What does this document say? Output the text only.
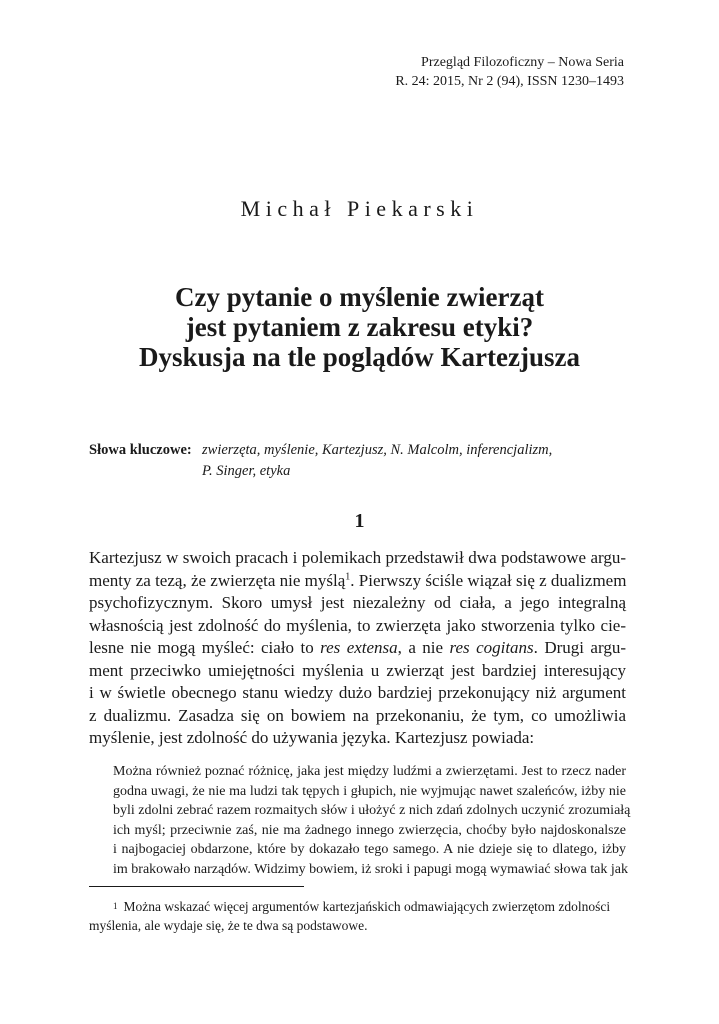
Przegląd Filozoficzny – Nowa Seria
R. 24: 2015, Nr 2 (94), ISSN 1230–1493
Michał Piekarski
Czy pytanie o myślenie zwierząt
jest pytaniem z zakresu etyki?
Dyskusja na tle poglądów Kartezjusza
Słowa kluczowe: zwierzęta, myślenie, Kartezjusz, N. Malcolm, inferencjalizm,
P. Singer, etyka
1
Kartezjusz w swoich pracach i polemikach przedstawił dwa podstawowe argu-
menty za tezą, że zwierzęta nie myślą$^1$. Pierwszy ściśle wiązał się z dualizmem
psychofizycznym. Skoro umysł jest niezależny od ciała, a jego integralną
własnością jest zdolność do myślenia, to zwierzęta jako stworzenia tylko cie-
lesne nie mogą myśleć: ciało to res extensa, a nie res cogitans. Drugi argu-
ment przeciwko umiejętności myślenia u zwierząt jest bardziej interesujący
i w świetle obecnego stanu wiedzy dużo bardziej przekonujący niż argument
z dualizmu. Zasadza się on bowiem na przekonaniu, że tym, co umożliwia
myślenie, jest zdolność do używania języka. Kartezjusz powiada:
Można również poznać różnicę, jaka jest między ludźmi a zwierzętami. Jest to rzecz nader
godna uwagi, że nie ma ludzi tak tępych i głupich, nie wyjmując nawet szaleńców, iżby nie
byli zdolni zebrać razem rozmaitych słów i ułożyć z nich zdań zdolnych uczynić zrozumiałą
ich myśl; przeciwnie zaś, nie ma żadnego innego zwierzęcia, choćby było najdoskonalsze
i najbogaciej obdarzone, które by dokazało tego samego. A nie dzieje się to dlatego, iżby
im brakowało narządów. Widzimy bowiem, iż sroki i papugi mogą wymawiać słowa tak jak
$^1$ Można wskazać więcej argumentów kartezjańskich odmawiających zwierzętom zdolności
myślenia, ale wydaje się, że te dwa są podstawowe.
